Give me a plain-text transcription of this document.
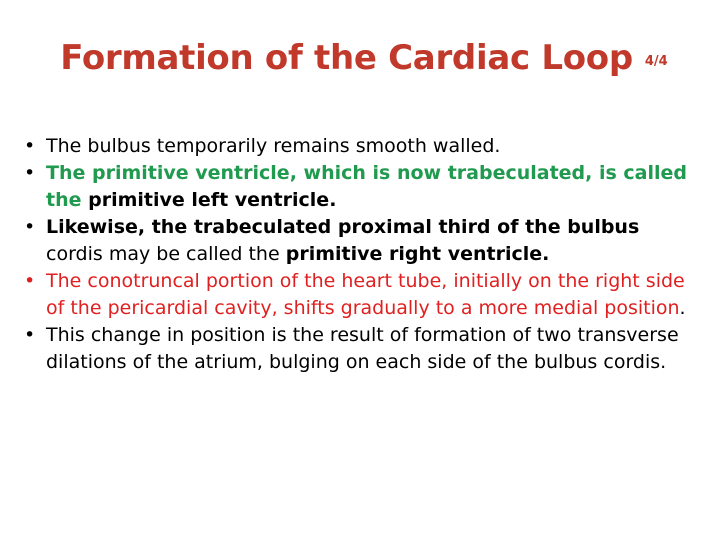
Formation of the Cardiac Loop $^{4/4}$
• The bulbus temporarily remains smooth walled.
• The primitive ventricle, which is now trabeculated, is called the primitive left ventricle.
• Likewise, the trabeculated proximal third of the bulbus cordis may be called the primitive right ventricle.
• The conotruncal portion of the heart tube, initially on the right side of the pericardial cavity, shifts gradually to a more medial position.
• This change in position is the result of formation of two transverse dilations of the atrium, bulging on each side of the bulbus cordis.
